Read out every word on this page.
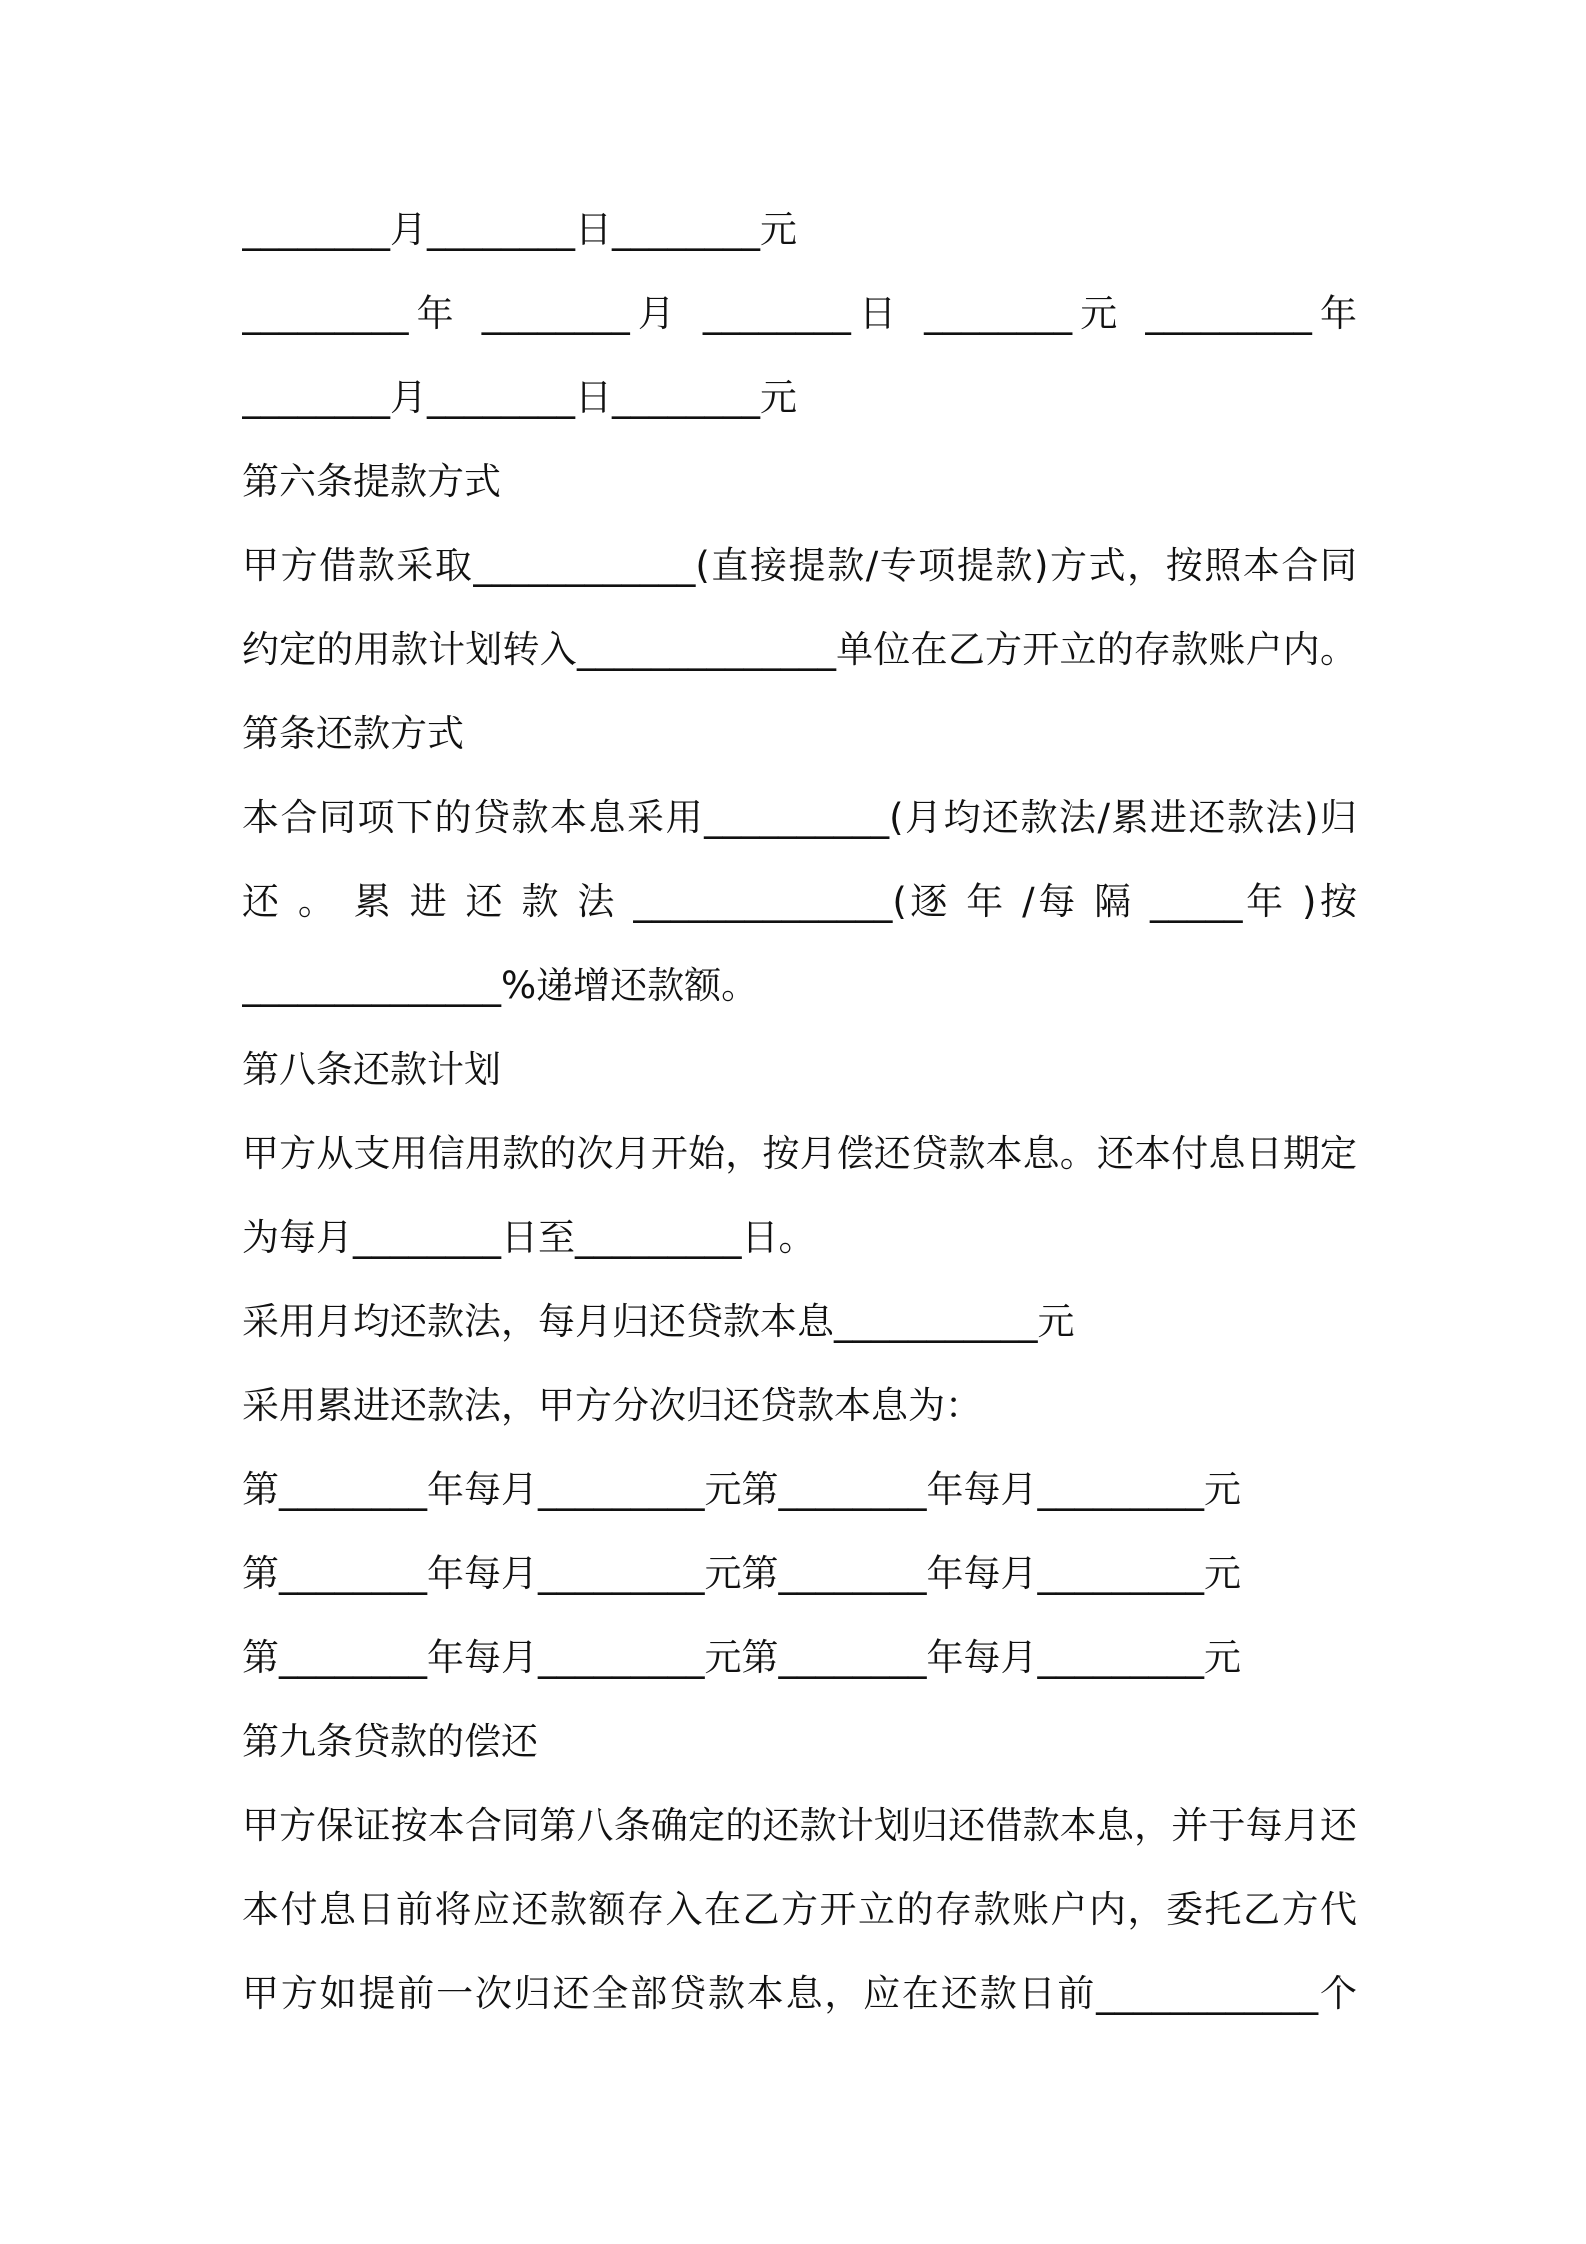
________月________日________元
_________年 ________月 ________日 ________元 _________年
________月________日________元
第六条提款方式
甲方借款采取____________(直接提款/专项提款)方式，按照本合同
约定的用款计划转入______________单位在乙方开立的存款账户内。
第条还款方式
本合同项下的贷款本息采用__________(月均还款法/累进还款法)归
还 。 累 进 还 款 法 ______________(逐 年 /每 隔 _____年 )按
______________%递增还款额。
第八条还款计划
甲方从支用信用款的次月开始，按月偿还贷款本息。还本付息日期定
为每月________日至_________日。
采用月均还款法，每月归还贷款本息___________元
采用累进还款法，甲方分次归还贷款本息为：
第________年每月_________元第________年每月_________元
第________年每月_________元第________年每月_________元
第________年每月_________元第________年每月_________元
第九条贷款的偿还
甲方保证按本合同第八条确定的还款计划归还借款本息，并于每月还
本付息日前将应还款额存入在乙方开立的存款账户内，委托乙方代
甲方如提前一次归还全部贷款本息，应在还款日前____________个
